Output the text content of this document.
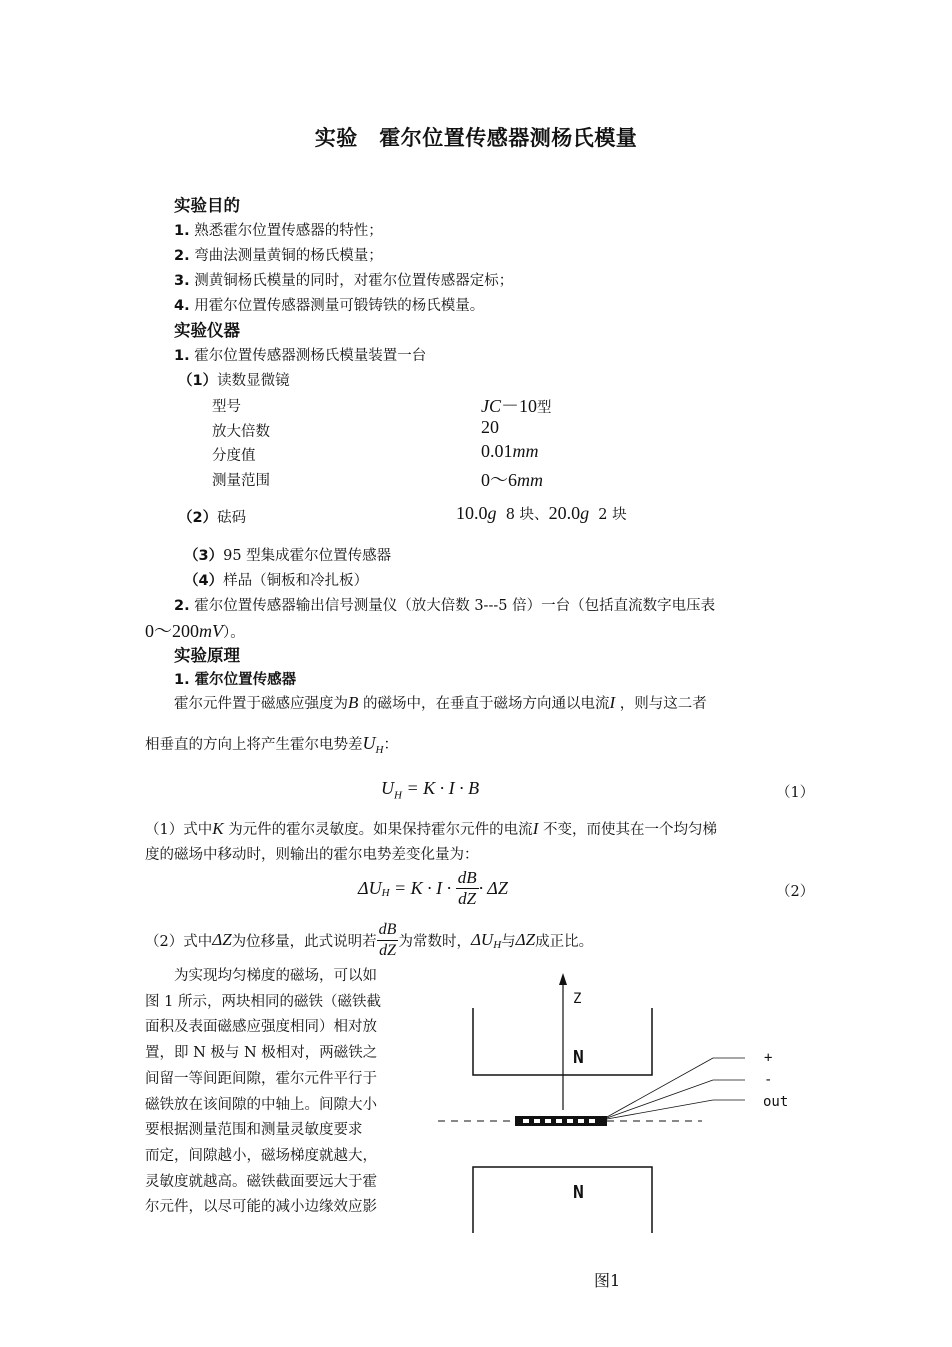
实验　霍尔位置传感器测杨氏模量
实验目的
1. 熟悉霍尔位置传感器的特性；
2. 弯曲法测量黄铜的杨氏模量；
3. 测黄铜杨氏模量的同时，对霍尔位置传感器定标；
4. 用霍尔位置传感器测量可锻铸铁的杨氏模量。
实验仪器
1. 霍尔位置传感器测杨氏模量装置一台
（1）读数显微镜
型号	JC－10型
放大倍数	20
分度值	0.01mm
测量范围	0～6mm
（2）砝码	10.0g  8 块、20.0g  2 块
（3）95 型集成霍尔位置传感器
（4）样品（铜板和冷扎板）
2. 霍尔位置传感器输出信号测量仪（放大倍数 3---5 倍）一台（包括直流数字电压表
0～200mV）。
实验原理
1. 霍尔位置传感器
霍尔元件置于磁感应强度为B 的磁场中，在垂直于磁场方向通以电流I ，则与这二者
相垂直的方向上将产生霍尔电势差$U_H$：
$U_H = K \cdot I \cdot B$	（1）
（1）式中K 为元件的霍尔灵敏度。如果保持霍尔元件的电流I 不变，而使其在一个均匀梯
度的磁场中移动时，则输出的霍尔电势差变化量为：
$\Delta U_H = K \cdot I \cdot \frac{dB}{dZ} \cdot \Delta Z$	（2）
（2）式中 ΔZ 为位移量，此式说明若 $\frac{dB}{dZ}$ 为常数时， $\Delta U_H$ 与 ΔZ 成正比。
　　为实现均匀梯度的磁场，可以如
图 1 所示，两块相同的磁铁（磁铁截
面积及表面磁感应强度相同）相对放
置，即 N 极与 N 极相对，两磁铁之
间留一等间距间隙，霍尔元件平行于
磁铁放在该间隙的中轴上。间隙大小
要根据测量范围和测量灵敏度要求
而定，间隙越小，磁场梯度就越大，
灵敏度就越高。磁铁截面要远大于霍
尔元件，以尽可能的减小边缘效应影
Z
N	+
-
out
N
图1
